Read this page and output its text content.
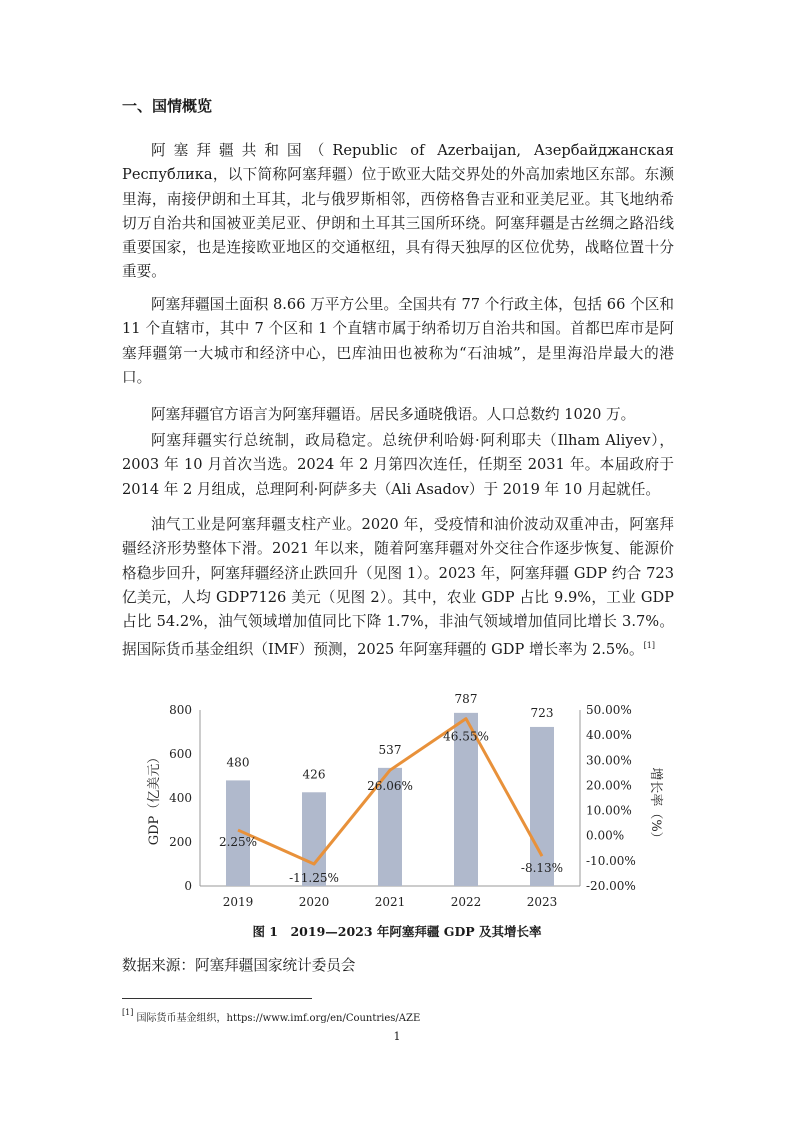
一、国情概览

阿塞拜疆共和国（Republic of Azerbaijan, Азербайджанская Республика，以下简称阿塞拜疆）位于欧亚大陆交界处的外高加索地区东部。东濒里海，南接伊朗和土耳其，北与俄罗斯相邻，西傍格鲁吉亚和亚美尼亚。其飞地纳希切万自治共和国被亚美尼亚、伊朗和土耳其三国所环绕。阿塞拜疆是古丝绸之路沿线重要国家，也是连接欧亚地区的交通枢纽，具有得天独厚的区位优势，战略位置十分重要。

阿塞拜疆国土面积 8.66 万平方公里。全国共有 77 个行政主体，包括 66 个区和 11 个直辖市，其中 7 个区和 1 个直辖市属于纳希切万自治共和国。首都巴库市是阿塞拜疆第一大城市和经济中心，巴库油田也被称为“石油城”，是里海沿岸最大的港口。

阿塞拜疆官方语言为阿塞拜疆语。居民多通晓俄语。人口总数约 1020 万。

阿塞拜疆实行总统制，政局稳定。总统伊利哈姆·阿利耶夫（Ilham Aliyev），2003 年 10 月首次当选。2024 年 2 月第四次连任，任期至 2031 年。本届政府于 2014 年 2 月组成，总理阿利·阿萨多夫（Ali Asadov）于 2019 年 10 月起就任。

油气工业是阿塞拜疆支柱产业。2020 年，受疫情和油价波动双重冲击，阿塞拜疆经济形势整体下滑。2021 年以来，随着阿塞拜疆对外交往合作逐步恢复、能源价格稳步回升，阿塞拜疆经济止跌回升（见图 1）。2023 年，阿塞拜疆 GDP 约合 723 亿美元，人均 GDP7126 美元（见图 2）。其中，农业 GDP 占比 9.9%，工业 GDP 占比 54.2%，油气领域增加值同比下降 1.7%，非油气领域增加值同比增长 3.7%。据国际货币基金组织（IMF）预测，2025 年阿塞拜疆的 GDP 增长率为 2.5%。[1]

0
200
400
600
800
-20.00%
-10.00%
0.00%
10.00%
20.00%
30.00%
40.00%
50.00%
480
426
537
787
723
2.25%
-11.25%
26.06%
46.55%
-8.13%
2019	2020	2021	2022	2023
GDP（亿美元）	增长率（%）
图 1　2019—2023 年阿塞拜疆 GDP 及其增长率
数据来源：阿塞拜疆国家统计委员会
[1] 国际货币基金组织，https://www.imf.org/en/Countries/AZE
1
